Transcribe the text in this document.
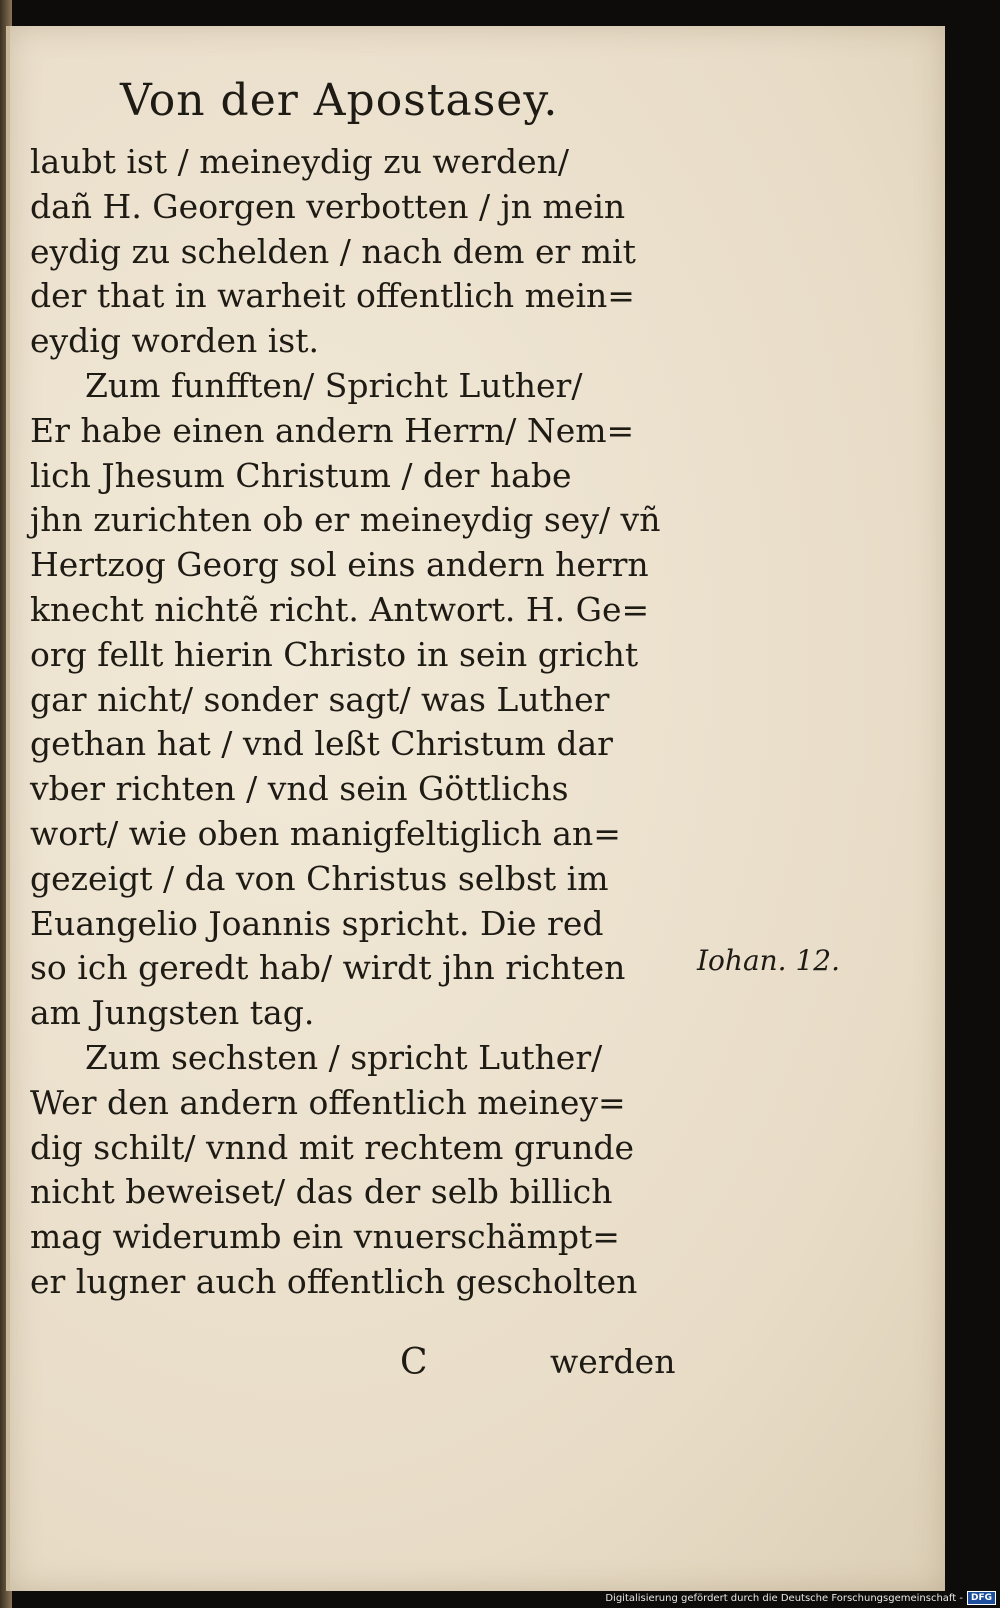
Von der Apostasey.
laubt ist / meineydig zu werden/
dañ H. Georgen verbotten / jn mein
eydig zu schelden / nach dem er mit
der that in warheit offentlich mein=
eydig worden ist.
Zum funfften/ Spricht Luther/
Er habe einen andern Herrn/ Nem=
lich Jhesum Christum / der habe
jhn zurichten ob er meineydig sey/ vñ
Hertzog Georg sol eins andern herrn
knecht nichtẽ richt. Antwort. H. Ge=
org fellt hierin Christo in sein gricht
gar nicht/ sonder sagt/ was Luther
gethan hat / vnd leßt Christum dar
vber richten / vnd sein Göttlichs
wort/ wie oben manigfeltiglich an=
gezeigt / da von Christus selbst im
Euangelio Joannis spricht. Die red
so ich geredt hab/ wirdt jhn richten
am Jungsten tag.
Zum sechsten / spricht Luther/
Wer den andern offentlich meiney=
dig schilt/ vnnd mit rechtem grunde
nicht beweiset/ das der selb billich
mag widerumb ein vnuerschämpt=
er lugner auch offentlich gescholten
Iohan. 12.
C	werden
Digitalisierung gefördert durch die Deutsche Forschungsgemeinschaft - DFG
